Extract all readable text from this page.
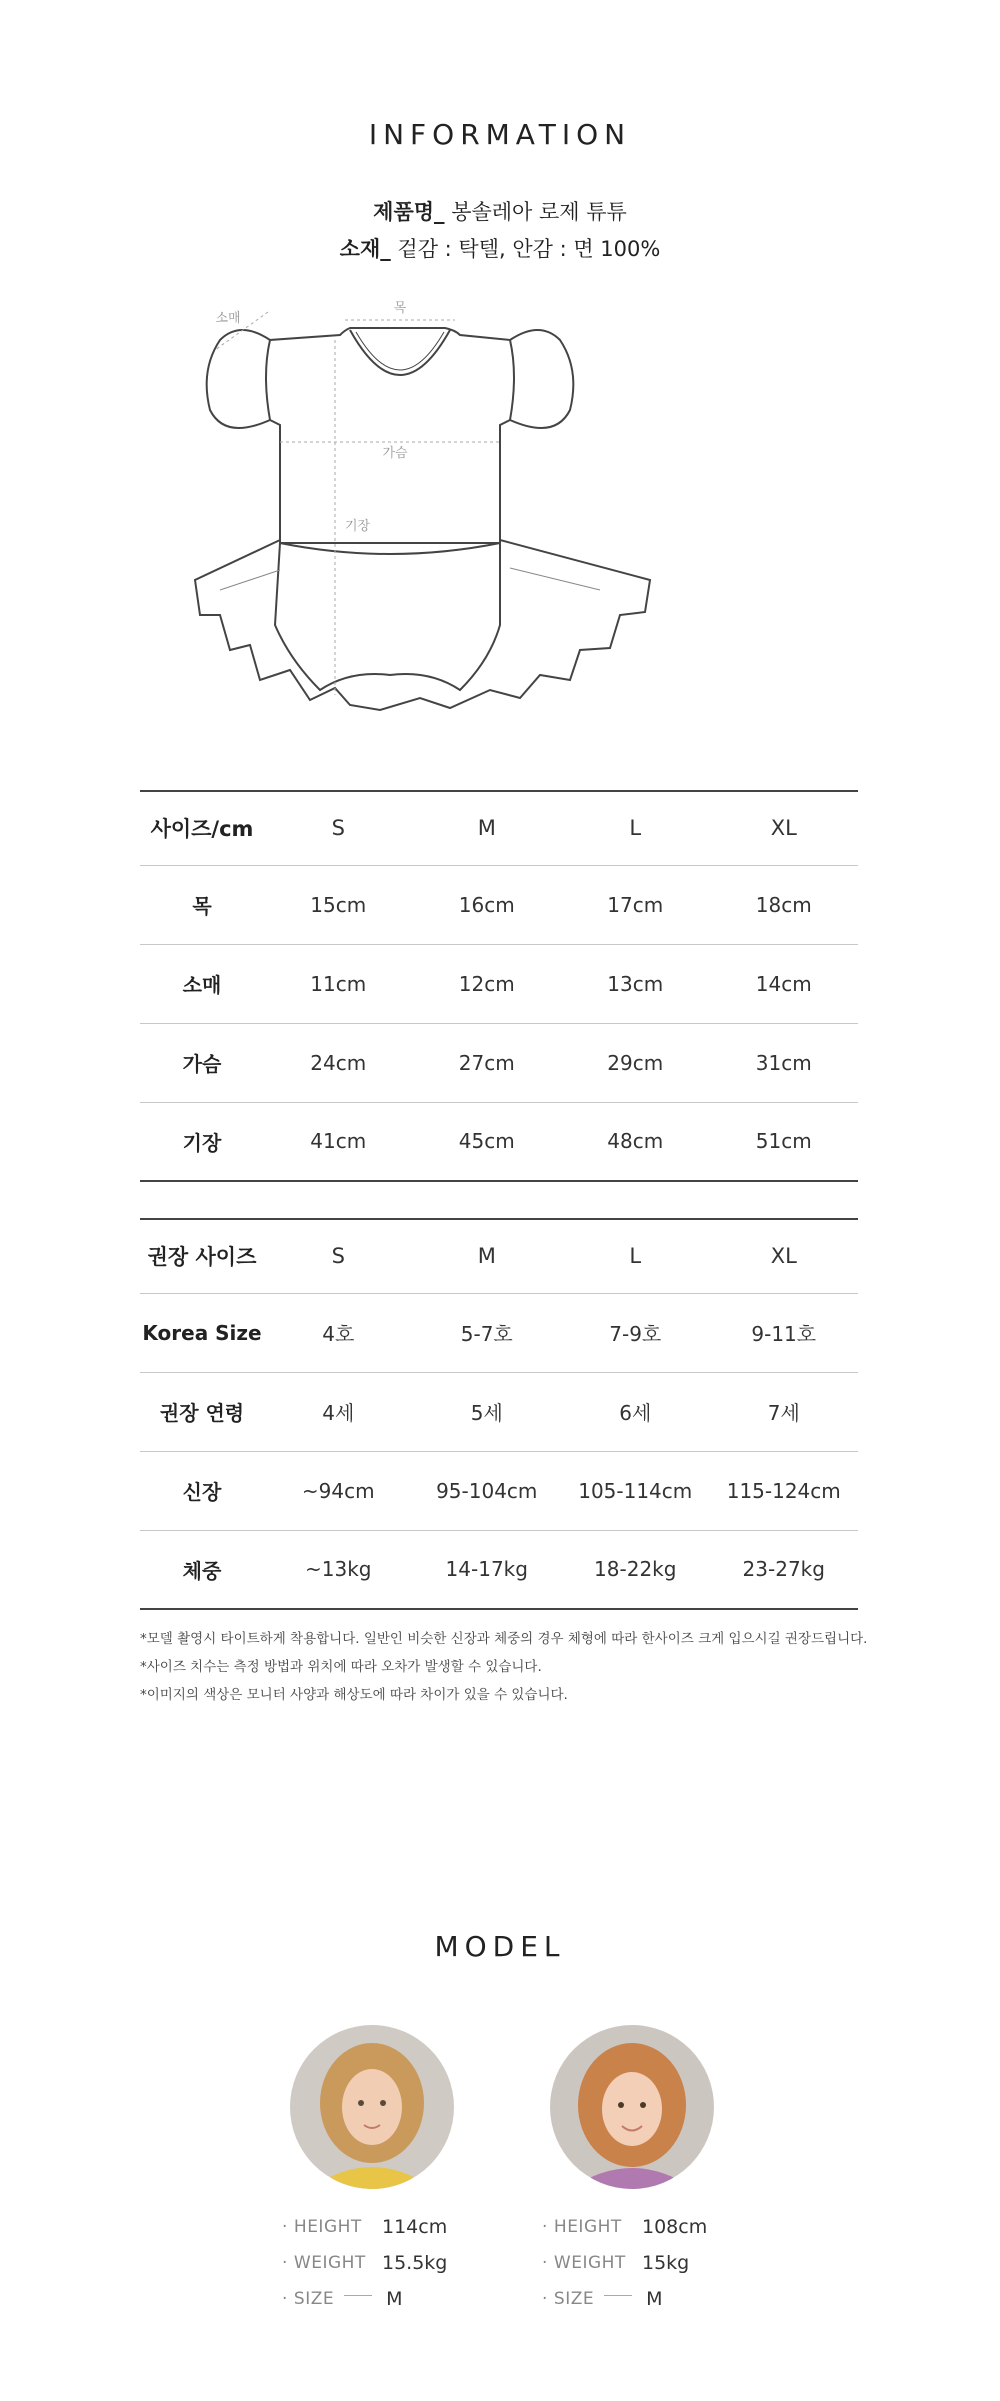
INFORMATION
제품명_ 봉솔레아 로제 튜튜
소재_ 겉감 : 탁텔, 안감 : 면 100%
목
소매
가슴
기장
사이즈/cm	S	M	L	XL
목	15cm	16cm	17cm	18cm
소매	11cm	12cm	13cm	14cm
가슴	24cm	27cm	29cm	31cm
기장	41cm	45cm	48cm	51cm
권장 사이즈	S	M	L	XL
Korea Size	4호	5-7호	7-9호	9-11호
권장 연령	4세	5세	6세	7세
신장	~94cm	95-104cm	105-114cm	115-124cm
체중	~13kg	14-17kg	18-22kg	23-27kg
*모델 촬영시 타이트하게 착용합니다. 일반인 비슷한 신장과 체중의 경우 체형에 따라 한사이즈 크게 입으시길 권장드립니다.
*사이즈 치수는 측정 방법과 위치에 따라 오차가 발생할 수 있습니다.
*이미지의 색상은 모니터 사양과 해상도에 따라 차이가 있을 수 있습니다.
MODEL
· HEIGHT	114cm
· WEIGHT 15.5kg
· SIZE	M
· HEIGHT	108cm
· WEIGHT 15kg
· SIZE	M
